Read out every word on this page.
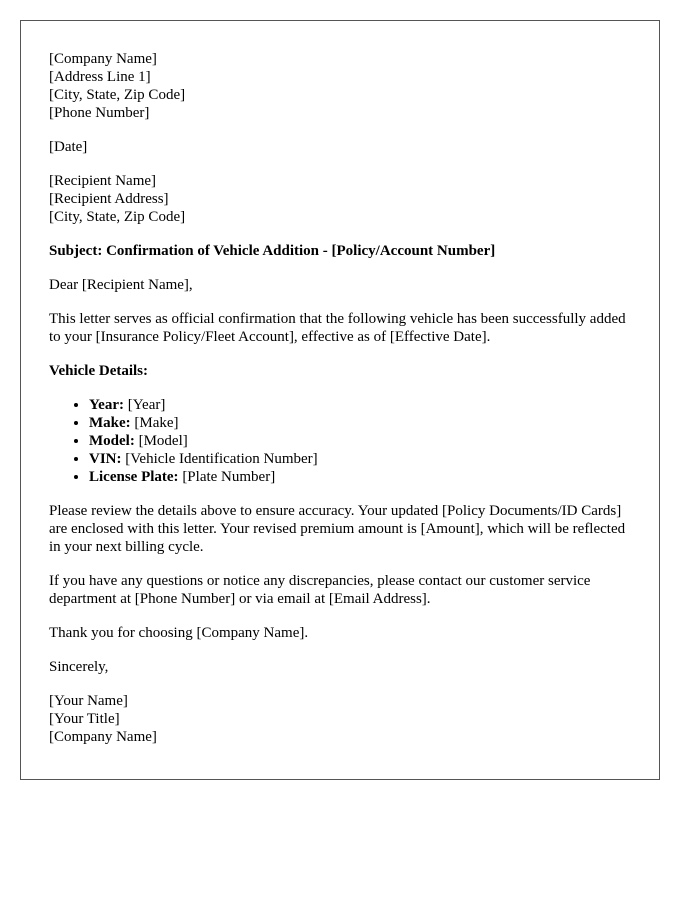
[Company Name]
[Address Line 1]
[City, State, Zip Code]
[Phone Number]

[Date]

[Recipient Name]
[Recipient Address]
[City, State, Zip Code]

Subject: Confirmation of Vehicle Addition - [Policy/Account Number]

Dear [Recipient Name],

This letter serves as official confirmation that the following vehicle has been successfully added to your [Insurance Policy/Fleet Account], effective as of [Effective Date].

Vehicle Details:

• Year: [Year]
• Make: [Make]
• Model: [Model]
• VIN: [Vehicle Identification Number]
• License Plate: [Plate Number]

Please review the details above to ensure accuracy. Your updated [Policy Documents/ID Cards] are enclosed with this letter. Your revised premium amount is [Amount], which will be reflected in your next billing cycle.

If you have any questions or notice any discrepancies, please contact our customer service department at [Phone Number] or via email at [Email Address].

Thank you for choosing [Company Name].

Sincerely,

[Your Name]
[Your Title]
[Company Name]
